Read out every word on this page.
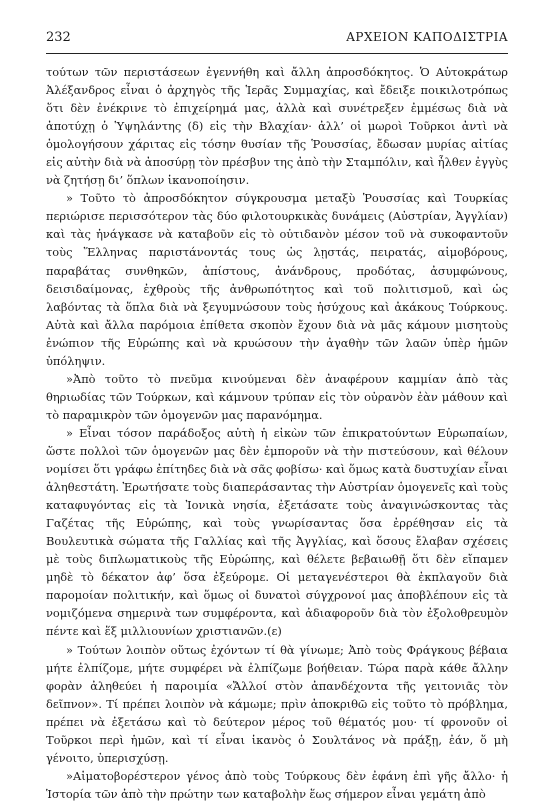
232	ΑΡΧΕΙΟΝ ΚΑΠΟΔΙΣΤΡΙΑ

τούτων τῶν περιστάσεων ἐγεννήθη καὶ ἄλλη ἀπροσδόκητος. Ὁ Αὐτοκράτωρ Ἀλέξανδρος εἶναι ὁ ἀρχηγὸς τῆς Ἱερᾶς Συμμαχίας, καὶ ἔδειξε ποικιλοτρόπως ὅτι δὲν ἐνέκρινε τὸ ἐπιχείρημά μας, ἀλλὰ καὶ συνέτρεξεν ἐμμέσως διὰ νὰ ἀποτύχῃ ὁ Ὑψηλάντης (δ) εἰς τὴν Βλαχίαν· ἀλλ’ οἱ μωροὶ Τοῦρκοι ἀντὶ νὰ ὁμολογήσουν χάριτας εἰς τόσην θυσίαν τῆς Ῥουσσίας, ἔδωσαν μυρίας αἰτίας εἰς αὐτὴν διὰ νὰ ἀποσύρῃ τὸν πρέσβυν της ἀπὸ τὴν Σταμπόλιν, καὶ ἦλθεν ἐγγὺς νὰ ζητήσῃ δι’ ὅπλων ἱκανοποίησιν.

» Τοῦτο τὸ ἀπροσδόκητον σύγκρουσμα μεταξὺ Ῥουσσίας καὶ Τουρκίας περιώρισε περισσότερον τὰς δύο φιλοτουρκικὰς δυνάμεις (Αὐστρίαν, Ἀγγλίαν) καὶ τὰς ἠνάγκασε νὰ καταβοῦν εἰς τὸ οὐτιδανὸν μέσον τοῦ νὰ συκοφαντοῦν τοὺς Ἕλληνας παριστάνοντάς τους ὡς λῃστάς, πειρατάς, αἱμοβόρους, παραβάτας συνθηκῶν, ἀπίστους, ἀνάνδρους, προδότας, ἀσυμφώνους, δεισιδαίμονας, ἐχθροὺς τῆς ἀνθρωπότητος καὶ τοῦ πολιτισμοῦ, καὶ ὡς λαβόντας τὰ ὅπλα διὰ νὰ ξεγυμνώσουν τοὺς ἡσύχους καὶ ἀκάκους Τούρκους. Αὐτὰ καὶ ἄλλα παρόμοια ἐπίθετα σκοπὸν ἔχουν διὰ νὰ μᾶς κάμουν μισητοὺς ἐνώπιον τῆς Εὐρώπης καὶ νὰ κρυώσουν τὴν ἀγαθὴν τῶν λαῶν ὑπὲρ ἡμῶν ὑπόληψιν.

»Ἀπὸ τοῦτο τὸ πνεῦμα κινούμεναι δὲν ἀναφέρουν καμμίαν ἀπὸ τὰς θηριωδίας τῶν Τούρκων, καὶ κάμνουν τρύπαν εἰς τὸν οὐρανὸν ἐὰν μάθουν καὶ τὸ παραμικρὸν τῶν ὁμογενῶν μας παρανόμημα.

» Εἶναι τόσον παράδοξος αὐτὴ ἡ εἰκὼν τῶν ἐπικρατούντων Εὐρωπαίων, ὥστε πολλοὶ τῶν ὁμογενῶν μας δὲν ἐμποροῦν νὰ τὴν πιστεύσουν, καὶ θέλουν νομίσει ὅτι γράφω ἐπίτηδες διὰ νὰ σᾶς φοβίσω· καὶ ὅμως κατὰ δυστυχίαν εἶναι ἀληθεστάτη. Ἐρωτήσατε τοὺς διαπεράσαντας τὴν Αὐστρίαν ὁμογενεῖς καὶ τοὺς καταφυγόντας εἰς τὰ Ἰονικὰ νησία, ἐξετάσατε τοὺς ἀναγινώσκοντας τὰς Γαζέτας τῆς Εὐρώπης, καὶ τοὺς γνωρίσαντας ὅσα ἐρρέθησαν εἰς τὰ Βουλευτικὰ σώματα τῆς Γαλλίας καὶ τῆς Ἀγγλίας, καὶ ὅσους ἔλαβαν σχέσεις μὲ τοὺς διπλωματικοὺς τῆς Εὐρώπης, καὶ θέλετε βεβαιωθῇ ὅτι δὲν εἴπαμεν μηδὲ τὸ δέκατον ἀφ’ ὅσα ἐξεύρομε. Οἱ μεταγενέστεροι θὰ ἐκπλαγοῦν διὰ παρομοίαν πολιτικήν, καὶ ὅμως οἱ δυνατοὶ σύγχρονοί μας ἀποβλέπουν εἰς τὰ νομιζόμενα σημερινὰ των συμφέροντα, καὶ ἀδιαφοροῦν διὰ τὸν ἐξολοθρευμὸν πέντε καὶ ἕξ μιλλιουνίων χριστιανῶν.(ε)

» Τούτων λοιπὸν οὕτως ἐχόντων τί θὰ γίνωμε; Ἀπὸ τοὺς Φράγκους βέβαια μήτε ἐλπίζομε, μήτε συμφέρει νὰ ἐλπίζωμε βοήθειαν. Τώρα παρὰ κάθε ἄλλην φορὰν ἀληθεύει ἡ παροιμία «Ἄλλοί στὸν ἀπανδέχοντα τῆς γειτονιᾶς τὸν δεῖπνον». Τί πρέπει λοιπὸν νὰ κάμωμε; πρὶν ἀποκριθῶ εἰς τοῦτο τὸ πρόβλημα, πρέπει νὰ ἐξετάσω καὶ τὸ δεύτερον μέρος τοῦ θέματός μου· τί φρονοῦν οἱ Τοῦρκοι περὶ ἡμῶν, καὶ τί εἶναι ἱκανὸς ὁ Σουλτάνος νὰ πράξῃ, ἐάν, ὅ μὴ γένοιτο, ὑπερισχύσῃ.

»Αἱματοβορέστερον γένος ἀπὸ τοὺς Τούρκους δὲν ἐφάνη ἐπὶ γῆς ἄλλο· ἡ Ἱστορία τῶν ἀπὸ τὴν πρώτην των καταβολὴν ἕως σήμερον εἶναι γεμάτη ἀπὸ
